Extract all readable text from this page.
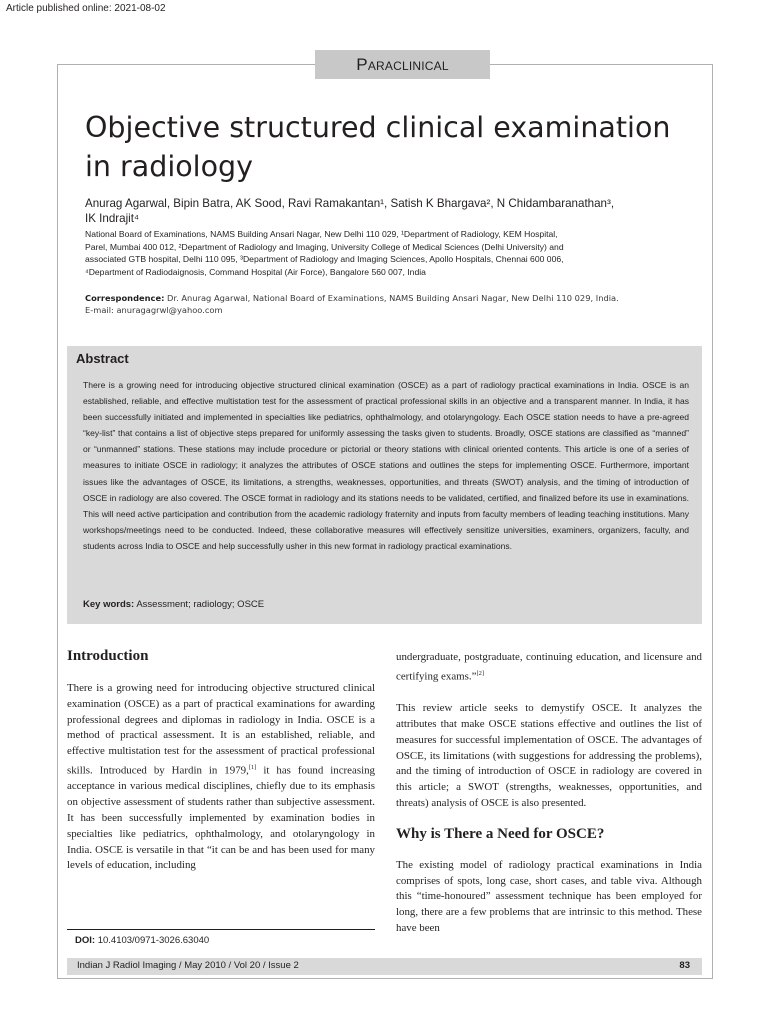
Article published online: 2021-08-02
Paraclinical
Objective structured clinical examination in radiology
Anurag Agarwal, Bipin Batra, AK Sood, Ravi Ramakantan¹, Satish K Bhargava², N Chidambaranathan³,
IK Indrajit⁴
National Board of Examinations, NAMS Building Ansari Nagar, New Delhi 110 029, ¹Department of Radiology, KEM Hospital,
Parel, Mumbai 400 012, ²Department of Radiology and Imaging, University College of Medical Sciences (Delhi University) and
associated GTB hospital, Delhi 110 095, ³Department of Radiology and Imaging Sciences, Apollo Hospitals, Chennai 600 006,
⁴Department of Radiodaignosis, Command Hospital (Air Force), Bangalore 560 007, India
Correspondence: Dr. Anurag Agarwal, National Board of Examinations, NAMS Building Ansari Nagar, New Delhi 110 029, India.
E-mail: anuragagrwl@yahoo.com
Abstract

There is a growing need for introducing objective structured clinical examination (OSCE) as a part of radiology practical examinations in India. OSCE is an established, reliable, and effective multistation test for the assessment of practical professional skills in an objective and a transparent manner. In India, it has been successfully initiated and implemented in specialties like pediatrics, ophthalmology, and otolaryngology. Each OSCE station needs to have a pre-agreed “key-list” that contains a list of objective steps prepared for uniformly assessing the tasks given to students. Broadly, OSCE stations are classified as “manned” or “unmanned” stations. These stations may include procedure or pictorial or theory stations with clinical oriented contents. This article is one of a series of measures to initiate OSCE in radiology; it analyzes the attributes of OSCE stations and outlines the steps for implementing OSCE. Furthermore, important issues like the advantages of OSCE, its limitations, a strengths, weaknesses, opportunities, and threats (SWOT) analysis, and the timing of introduction of OSCE in radiology are also covered. The OSCE format in radiology and its stations needs to be validated, certified, and finalized before its use in examinations. This will need active participation and contribution from the academic radiology fraternity and inputs from faculty members of leading teaching institutions. Many workshops/meetings need to be conducted. Indeed, these collaborative measures will effectively sensitize universities, examiners, organizers, faculty, and students across India to OSCE and help successfully usher in this new format in radiology practical examinations.

Key words: Assessment; radiology; OSCE
Introduction

There is a growing need for introducing objective structured clinical examination (OSCE) as a part of practical examinations for awarding professional degrees and diplomas in radiology in India. OSCE is a method of practical assessment. It is an established, reliable, and effective multistation test for the assessment of practical professional skills. Introduced by Hardin in 1979,[1] it has found increasing acceptance in various medical disciplines, chiefly due to its emphasis on objective assessment of students rather than subjective assessment. It has been successfully implemented by examination bodies in specialties like pediatrics, ophthalmology, and otolaryngology in India. OSCE is versatile in that “it can be and has been used for many levels of education, including

undergraduate, postgraduate, continuing education, and licensure and certifying exams.”[2]

This review article seeks to demystify OSCE. It analyzes the attributes that make OSCE stations effective and outlines the list of measures for successful implementation of OSCE. The advantages of OSCE, its limitations (with suggestions for addressing the problems), and the timing of introduction of OSCE in radiology are covered in this article; a SWOT (strengths, weaknesses, opportunities, and threats) analysis of OSCE is also presented.

Why is There a Need for OSCE?

The existing model of radiology practical examinations in India comprises of spots, long case, short cases, and table viva. Although this “time-honoured” assessment technique has been employed for long, there are a few problems that are intrinsic to this method. These have been

DOI: 10.4103/0971-3026.63040
Indian J Radiol Imaging / May 2010 / Vol 20 / Issue 2	83
